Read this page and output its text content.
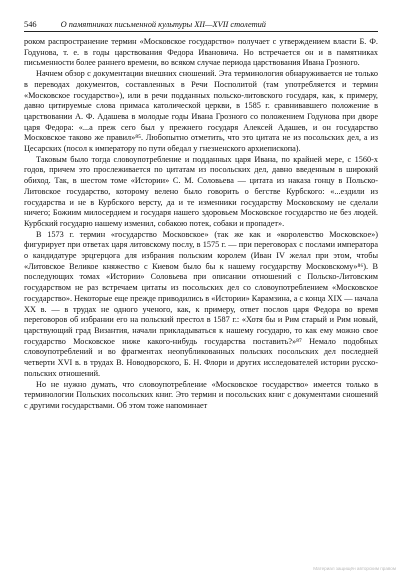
546	О памятниках письменной культуры XII—XVII столетий

роком распространение термин «Московское государство» получает с утверждением власти Б. Ф. Годунова, т. е. в годы царствования Федора Ивановича. Но встречается он и в памятниках письменности более раннего времени, во всяком случае периода царствования Ивана Грозного.

Начнем обзор с документации внешних сношений. Эта терминология обнаруживается не только в переводах документов, составленных в Речи Посполитой (там употребляется и термин «Московское государство»), или в речи подданных польско-литовского государя, как, к примеру, давно цитируемые слова примаса католической церкви, в 1585 г. сравнивавшего положение в царствовании А. Ф. Адашева в молодые годы Ивана Грозного со положением Годунова при дворе царя Федора: «...а преж сего был у прежнего государя Алексей Адашев, и он государство Московское таково же правил»⁸⁵. Любопытно отметить, что это цитата не из посольских дел, а из Цесарских (посол к императору по пути обедал у гнезненского архиепископа).

Таковым было тогда словоупотребление и подданных царя Ивана, по крайней мере, с 1560-х годов, причем это прослеживается по цитатам из посольских дел, давно введенным в широкий обиход. Так, в шестом томе «Истории» С. М. Соловьева — цитата из наказа гонцу в Польско-Литовское государство, которому велено было говорить о бегстве Курбского: «...ездили из государства и не в Курбского версту, да и те изменники государству Московскому не сделали ничего; Божиим милосердием и государя нашего здоровьем Московское государство не без людей. Курбский государю нашему изменил, собакою потек, собаки и пропадет».

В 1573 г. термин «государство Московское» (так же как и «королевство Московское») фигурирует при ответах царя литовскому послу, в 1575 г. — при переговорах с послами императора о кандидатуре эрцгерцога для избрания польским королем (Иван IV желал при этом, чтобы «Литовское Великое княжество с Киевом было бы к нашему государству Московскому»⁸⁶). В последующих томах «Истории» Соловьева при описании отношений с Польско-Литовским государством не раз встречаем цитаты из посольских дел со словоупотреблением «Московское государство». Некоторые еще прежде приводились в «Истории» Карамзина, а с конца XIX — начала XX в. — в трудах не одного ученого, как, к примеру, ответ послов царя Федора во время переговоров об избрании его на польский престол в 1587 г.: «Хотя бы и Рим старый и Рим новый, царствующий град Византия, начали прикладываться к нашему государю, то как ему можно свое государство Московское ниже какого-нибудь государства поставить?»⁸⁷ Немало подобных словоупотреблений и во фрагментах неопубликованных польских посольских дел последней четверти XVI в. в трудах В. Новодворского, Б. Н. Флори и других исследователей истории русско-польских отношений.

Но не нужно думать, что словоупотребление «Московское государство» имеется только в терминологии Польских посольских книг. Это термин и посольских книг с документами сношений с другими государствами. Об этом тоже напоминает

Материал защищён авторским правом
